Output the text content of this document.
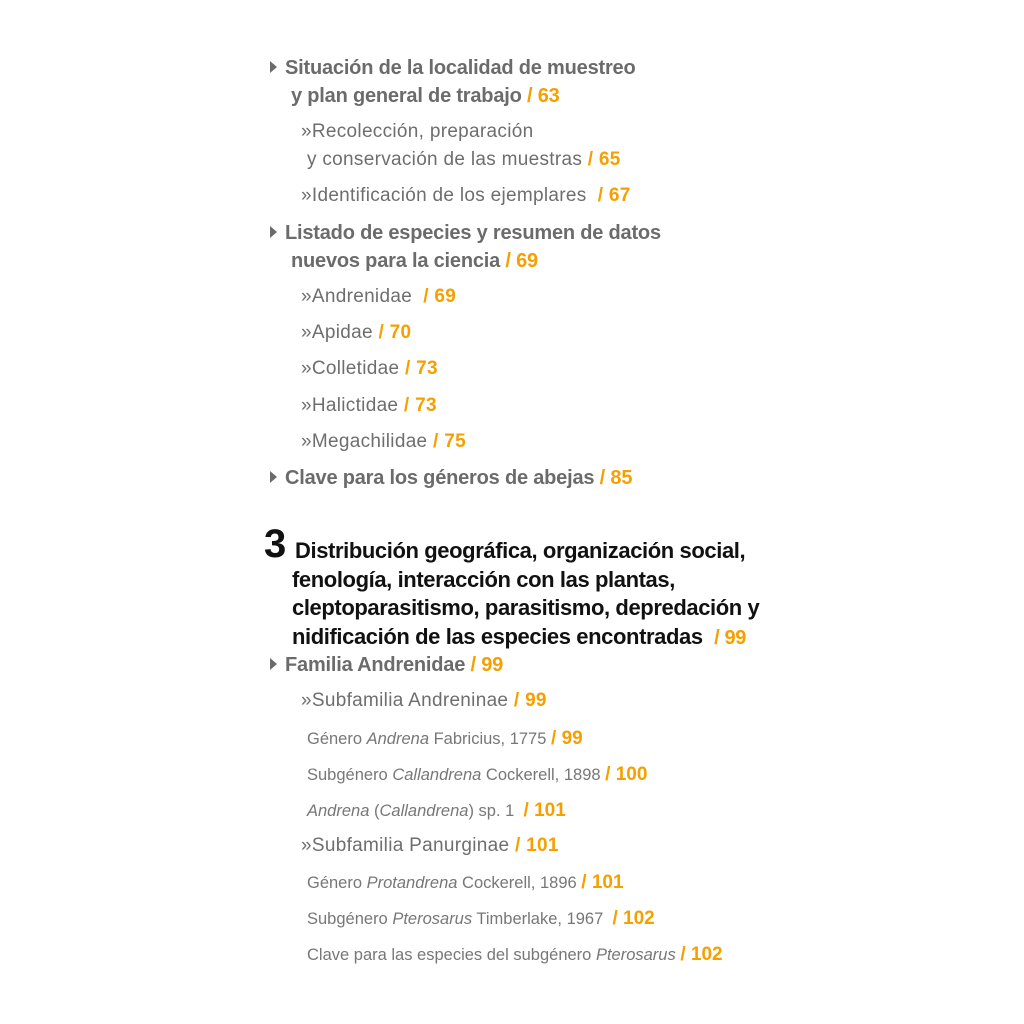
Situación de la localidad de muestreo
y plan general de trabajo / 63
»Recolección, preparación
y conservación de las muestras / 65
»Identificación de los ejemplares / 67
Listado de especies y resumen de datos
nuevos para la ciencia / 69
»Andrenidae / 69
»Apidae / 70
»Colletidae / 73
»Halictidae / 73
»Megachilidae / 75
Clave para los géneros de abejas / 85
3 Distribución geográfica, organización social,
fenología, interacción con las plantas,
cleptoparasitismo, parasitismo, depredación y
nidificación de las especies encontradas / 99
Familia Andrenidae / 99
»Subfamilia Andreninae / 99
Género Andrena Fabricius, 1775 / 99
Subgénero Callandrena Cockerell, 1898 / 100
Andrena (Callandrena) sp. 1 / 101
»Subfamilia Panurginae / 101
Género Protandrena Cockerell, 1896 / 101
Subgénero Pterosarus Timberlake, 1967 / 102
Clave para las especies del subgénero Pterosarus / 102
